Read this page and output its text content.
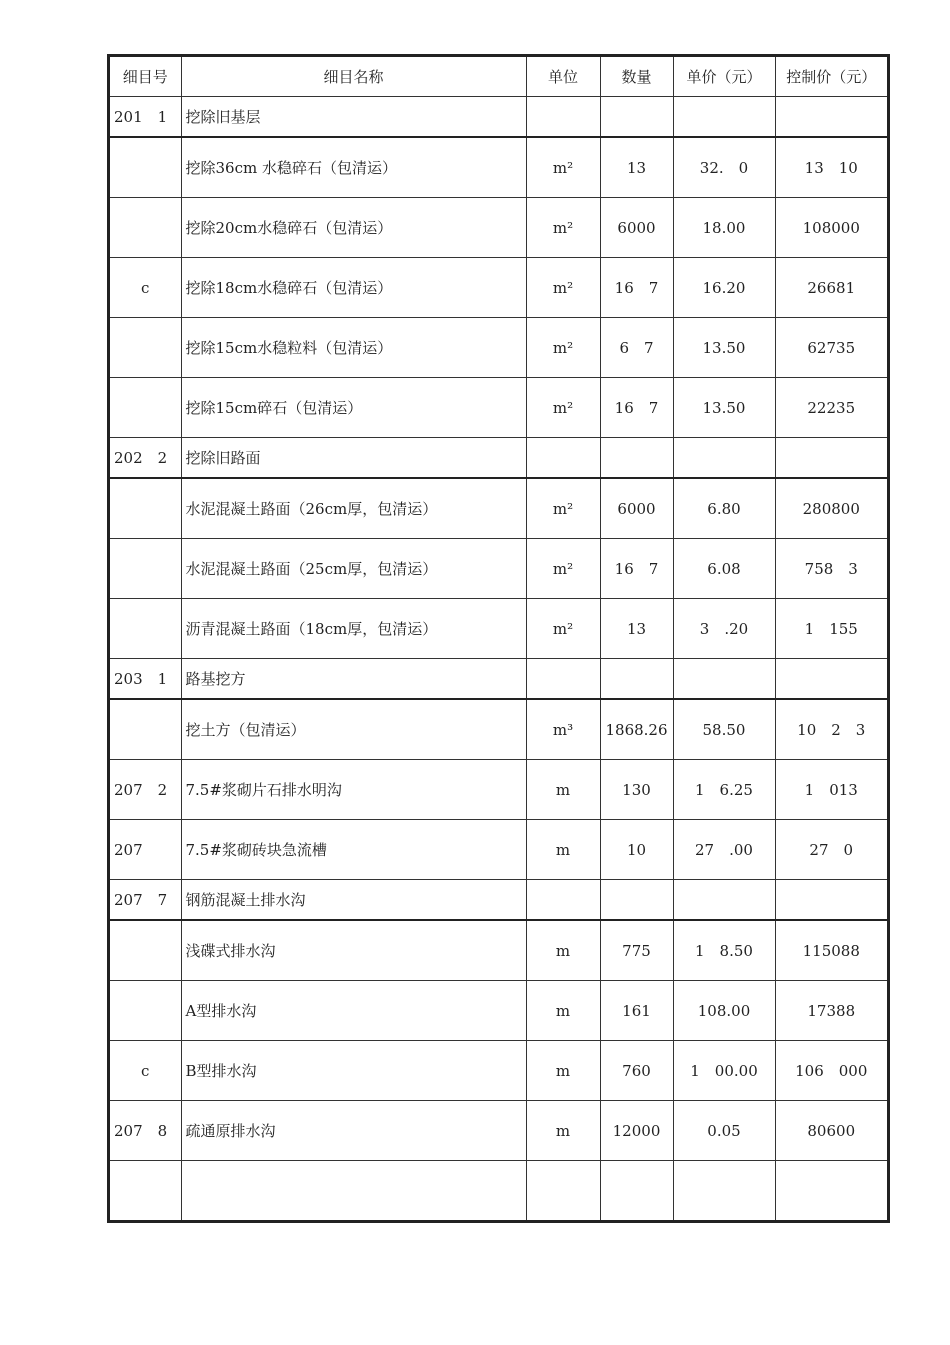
细目号	细目名称	单位	数量	单价（元）	控制价（元）
201　1	挖除旧基层				
	挖除36cm 水稳碎石（包清运）	m²	13	32.　0	13　10
	挖除20cm水稳碎石（包清运）	m²	6000	18.00	108000
c	挖除18cm水稳碎石（包清运）	m²	16　7	16.20	26681
	挖除15cm水稳粒料（包清运）	m²	6　7	13.50	62735
	挖除15cm碎石（包清运）	m²	16　7	13.50	22235
202　2	挖除旧路面				
	水泥混凝土路面（26cm厚，包清运）	m²	6000	6.80	280800
	水泥混凝土路面（25cm厚，包清运）	m²	16　7	6.08	758　3
	沥青混凝土路面（18cm厚，包清运）	m²	13	3　.20	1　155
203　1	路基挖方				
	挖土方（包清运）	m³	1868.26	58.50	10　2　3
207　2	7.5#浆砌片石排水明沟	m	130	1　6.25	1　013
207	7.5#浆砌砖块急流槽	m	10	27　.00	27　0
207　7	钢筋混凝土排水沟				
	浅碟式排水沟	m	775	1　8.50	115088
	A型排水沟	m	161	108.00	17388
c	B型排水沟	m	760	1　00.00	106　000
207　8	疏通原排水沟	m	12000	0.05	80600
